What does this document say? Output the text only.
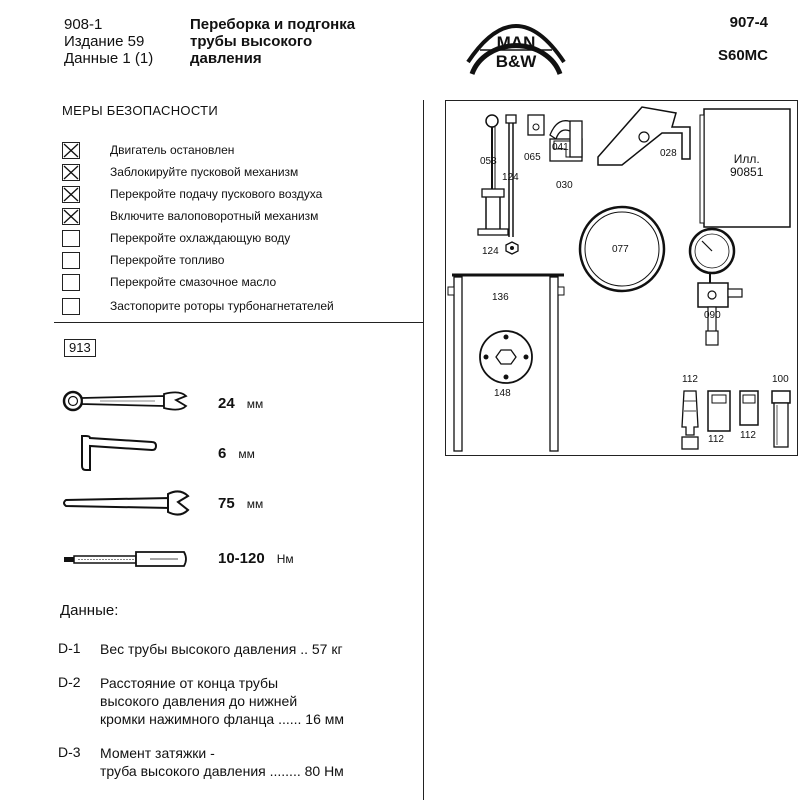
908-1
Издание 59
Данные 1 (1)
Переборка и подгонка
трубы высокого
давления
MAN
B&W
907-4
S60MC
МЕРЫ БЕЗОПАСНОСТИ
Двигатель остановлен
Заблокируйте пусковой механизм
Перекройте подачу пускового воздуха
Включите валоповоротный механизм
Перекройте охлаждающую воду
Перекройте топливо
Перекройте смазочное масло
Застопорите роторы турбонагнетателей
913
24 мм
6 мм
75 мм
10-120 Нм
Данные:
D-1 Вес трубы высокого давления .. 57 кг
D-2 Расстояние от конца трубы
высокого давления до нижней
кромки нажимного фланца ...... 16 мм
D-3 Момент затяжки -
труба высокого давления ........ 80 Нм
Илл.
90851
053
124
065
041
030
028
124	077
136
148
090
112
112 112
100
